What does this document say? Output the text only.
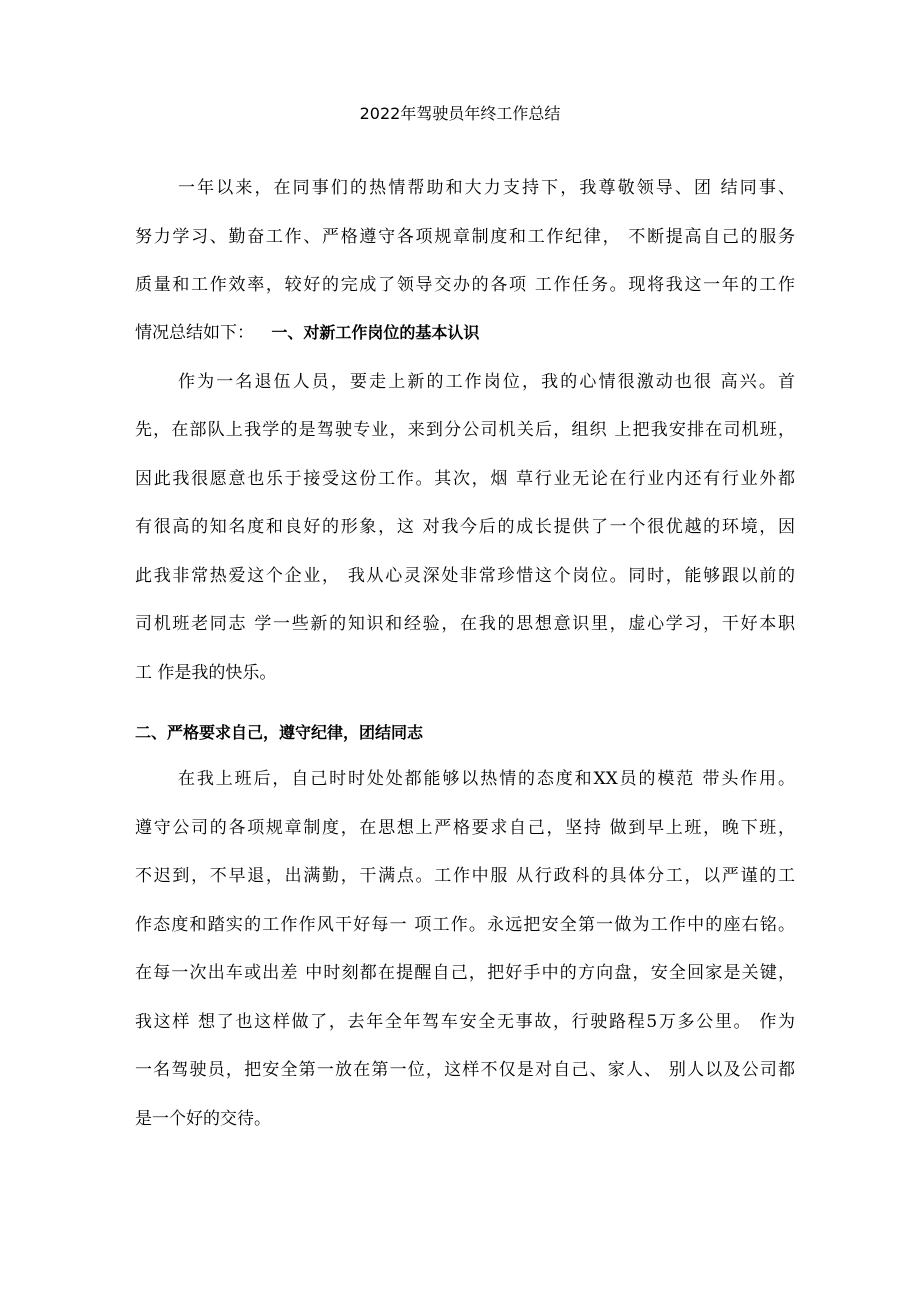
2022年驾驶员年终工作总结
一年以来，在同事们的热情帮助和大力支持下，我尊敬领导、团 结同事、
努力学习、勤奋工作、严格遵守各项规章制度和工作纪律， 不断提高自己的服务
质量和工作效率，较好的完成了领导交办的各项 工作任务。现将我这一年的工作
情况总结如下： 一、对新工作岗位的基本认识
作为一名退伍人员，要走上新的工作岗位，我的心情很激动也很 高兴。首
先，在部队上我学的是驾驶专业，来到分公司机关后，组织 上把我安排在司机班，
因此我很愿意也乐于接受这份工作。其次，烟 草行业无论在行业内还有行业外都
有很高的知名度和良好的形象，这 对我今后的成长提供了一个很优越的环境，因
此我非常热爱这个企业， 我从心灵深处非常珍惜这个岗位。同时，能够跟以前的
司机班老同志 学一些新的知识和经验，在我的思想意识里，虚心学习，干好本职
工 作是我的快乐。
二、严格要求自己，遵守纪律，团结同志
在我上班后，自己时时处处都能够以热情的态度和XX员的模范 带头作用。
遵守公司的各项规章制度，在思想上严格要求自己，坚持 做到早上班，晚下班，
不迟到，不早退，出满勤，干满点。工作中服 从行政科的具体分工，以严谨的工
作态度和踏实的工作作风干好每一 项工作。永远把安全第一做为工作中的座右铭。
在每一次出车或出差 中时刻都在提醒自己，把好手中的方向盘，安全回家是关键，
我这样 想了也这样做了，去年全年驾车安全无事故，行驶路程5万多公里。 作为
一名驾驶员，把安全第一放在第一位，这样不仅是对自己、家人、 别人以及公司都
是一个好的交待。
